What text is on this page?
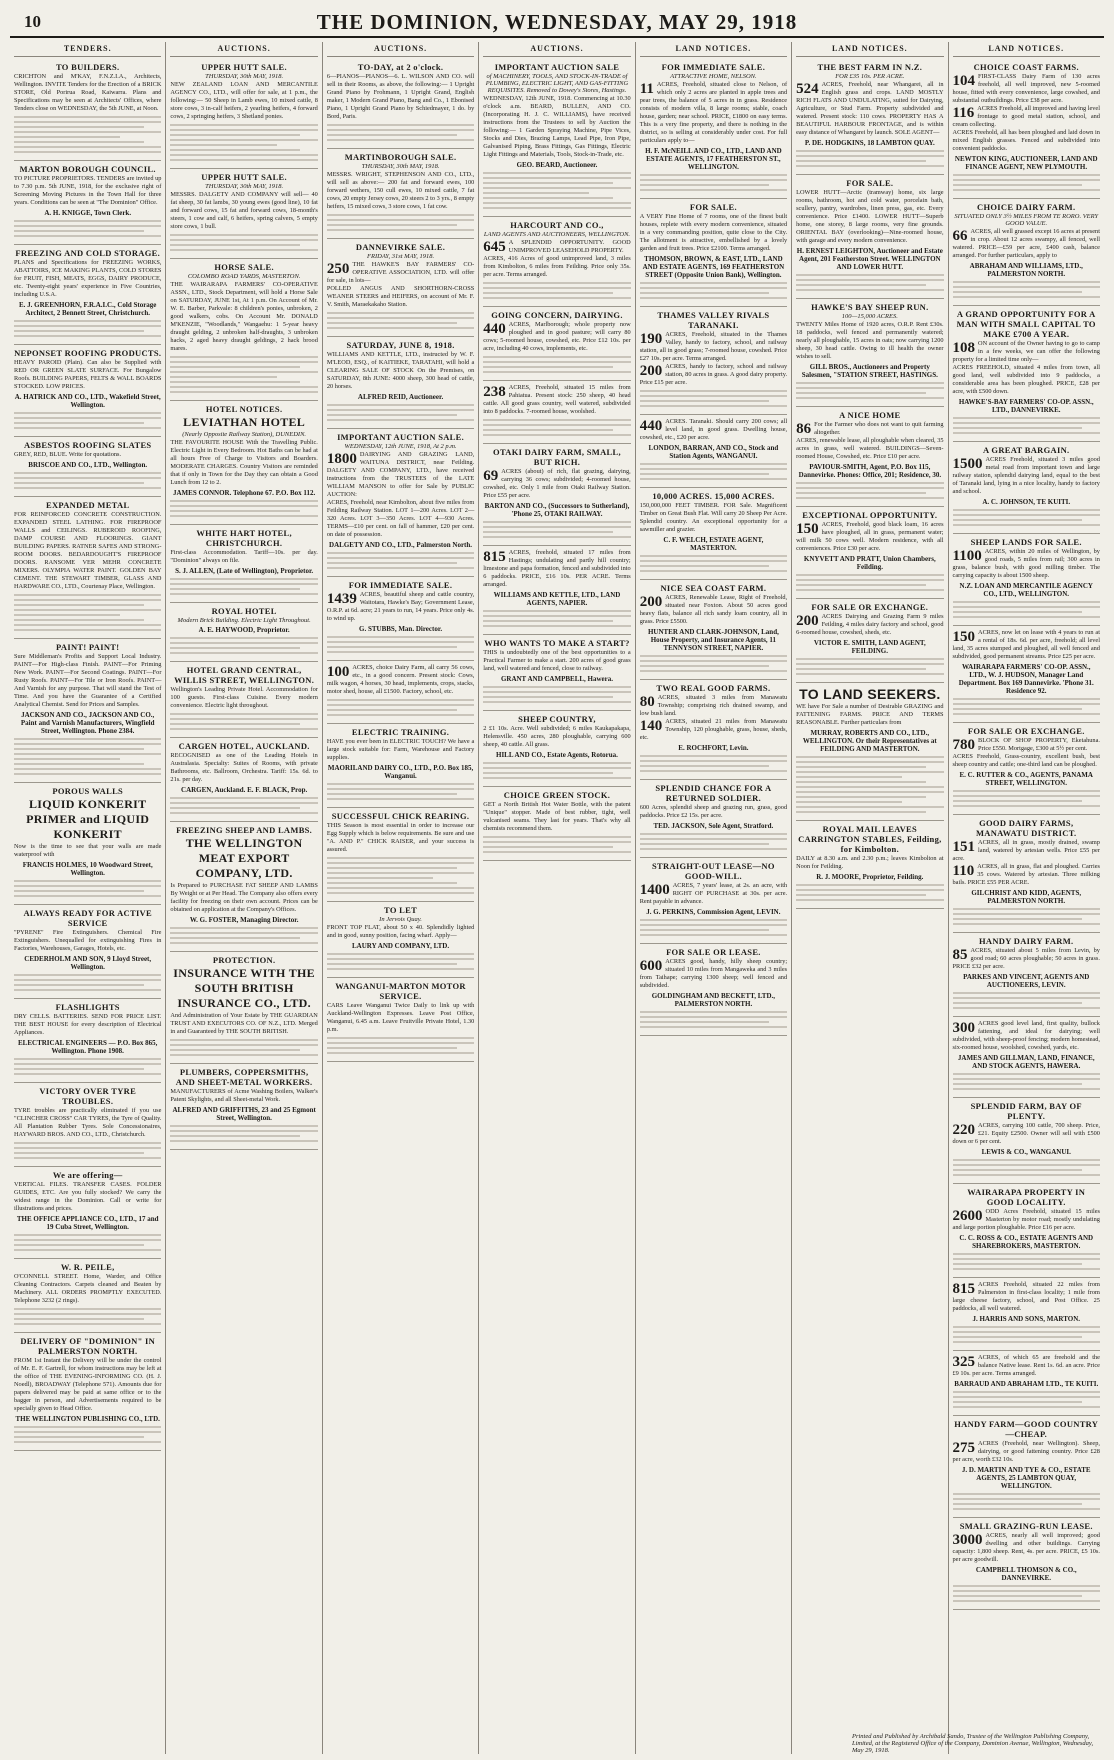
10	THE DOMINION, WEDNESDAY, MAY 29, 1918
TENDERS.
TO BUILDERS.

CRICHTON and M'KAY, F.N.Z.I.A., Architects, Wellington. INVITE Tenders for the Erection of a BRICK STORE, Old Porirua Road, Kaiwarra. Plans and Specifications may be seen at Architects' Offices, where Tenders close on WEDNESDAY, the 5th JUNE, at Noon.

MARTON BOROUGH COUNCIL.

TO PICTURE PROPRIETORS. TENDERS are invited up to 7.30 p.m. 5th JUNE, 1918, for the exclusive right of Screening Moving Pictures in the Town Hall for three years. Conditions can be seen at "The Dominion" Office.

A. H. KNIGGE, Town Clerk.
FREEZING AND COLD STORAGE.

PLANS and Specifications for FREEZING WORKS, ABATTOIRS, ICE MAKING PLANTS, COLD STORES for FRUIT, FISH, MEATS, EGGS, DAIRY PRODUCE, etc. Twenty-eight years' experience in Five Countries, including U.S.A.

E. J. GREENHORN, F.R.A.I.C., Cold Storage Architect, 2 Bennett Street, Christchurch.
NEPONSET ROOFING PRODUCTS.

HEAVY PAROID (Plain). Can also be Supplied with RED OR GREEN SLATE SURFACE. For Bungalow Roofs. BUILDING PAPERS, FELTS & WALL BOARDS STOCKED. LOW PRICES.

A. HATRICK AND CO., LTD., Wakefield Street, Wellington.
ASBESTOS ROOFING SLATES

GREY, RED, BLUE. Write for quotations.

BRISCOE AND CO., LTD., Wellington.
EXPANDED METAL

FOR REINFORCED CONCRETE CONSTRUCTION. EXPANDED STEEL LATHING. FOR FIREPROOF WALLS and CEILINGS. RUBEROID ROOFING, DAMP COURSE AND FLOORINGS. GIANT BUILDING PAPERS. RATNER SAFES AND STRONG-ROOM DOORS. BEDARDOUGHT'S FIREPROOF DOORS. RANSOME VER MEHR CONCRETE MIXERS. OLYMPIA WATER PAINT. GOLDEN BAY CEMENT. THE STEWART TIMBER, GLASS AND HARDWARE CO., LTD., Courtenay Place, Wellington.

PAINT! PAINT!

Sure Middleman's Profits and Support Local Industry. PAINT—For High-class Finish. PAINT—For Priming New Work. PAINT—For Second Coatings. PAINT—For Rusty Roofs. PAINT—For Tile or Iron Roofs. PAINT—And Varnish for any purpose. That will stand the Test of Time. And you have the Guarantee of a Certified Analytical Chemist. Send for Prices and Samples.

JACKSON AND CO., JACKSON AND CO., Paint and Varnish Manufacturers, Wingfield Street, Wellington. Phone 2384.
POROUS WALLS
LIQUID KONKERIT PRIMER and LIQUID KONKERIT

Now is the time to see that your walls are made waterproof with

FRANCIS HOLMES, 10 Woodward Street, Wellington.
ALWAYS READY FOR ACTIVE SERVICE

"PYRENE" Fire Extinguishers. Chemical Fire Extinguishers. Unequalled for extinguishing Fires in Factories, Warehouses, Garages, Hotels, etc.

CEDERHOLM AND SON, 9 Lloyd Street, Wellington.
FLASHLIGHTS

DRY CELLS. BATTERIES. SEND FOR PRICE LIST. THE BEST HOUSE for every description of Electrical Appliances.

ELECTRICAL ENGINEERS — P.O. Box 865, Wellington. Phone 1908.
VICTORY OVER TYRE TROUBLES.

TYRE troubles are practically eliminated if you use "CLINCHER CROSS" CAR TYRES, the Tyre of Quality. All Plantation Rubber Tyres. Sole Concessionaires, HAYWARD BROS. AND CO., LTD., Christchurch.

We are offering—

VERTICAL FILES. TRANSFER CASES. FOLDER GUIDES, ETC. Are you fully stocked? We carry the widest range in the Dominion. Call or write for illustrations and prices.

THE OFFICE APPLIANCE CO., LTD., 17 and 19 Cuba Street, Wellington.
W. R. PEILE,

O'CONNELL STREET. Home, Warder, and Office Cleaning Contractors. Carpets cleaned and Beaten by Machinery. ALL ORDERS PROMPTLY EXECUTED. Telephone 3232 (2 rings).

DELIVERY OF "DOMINION" IN PALMERSTON NORTH.

FROM 1st Instant the Delivery will be under the control of Mr. E. F. Gartrell, for whom instructions may be left at the office of THE EVENING-INFORMING CO. (H. J. Noedl), BROADWAY (Telephone 571). Amounts due for papers delivered may be paid at same office or to the bagger in person, and Advertisements required to be specially given to Head Office.

THE WELLINGTON PUBLISHING CO., LTD.
AUCTIONS.
UPPER HUTT SALE.
THURSDAY, 30th MAY, 1918.

NEW ZEALAND LOAN AND MERCANTILE AGENCY CO., LTD., will offer for sale, at 1 p.m., the following:— 50 Sheep in Lamb ewes, 10 mixed cattle, 8 store cows, 3 in-calf heifers, 2 yearling heifers, 4 forward cows, 2 springing heifers, 3 Shetland ponies.

UPPER HUTT SALE.
THURSDAY, 30th MAY, 1918.

MESSRS. DALGETY AND COMPANY will sell— 40 fat sheep, 30 fat lambs, 30 young ewes (good line), 10 fat and forward cows, 15 fat and forward cows, 18-month's steers, 1 cow and calf, 6 heifers, spring calvers, 5 empty store cows, 1 bull.

HORSE SALE.
COLOMBO ROAD YARDS, MASTERTON.

THE WAIRARAPA FARMERS' CO-OPERATIVE ASSN., LTD., Stock Department, will hold a Horse Sale on SATURDAY, JUNE 1st, At 1 p.m. On Account of Mr. W. E. Barber, Parkvale: 8 children's ponies, unbroken, 2 good walkers, cobs. On Account Mr. DONALD M'KENZIE, "Woodlands," Wangaehu: 1 5-year heavy draught gelding, 2 unbroken half-draughts, 3 unbroken hacks, 2 aged heavy draught geldings, 2 hack brood mares.

HOTEL NOTICES.
LEVIATHAN HOTEL
(Nearly Opposite Railway Station), DUNEDIN.

THE FAVOURITE HOUSE With the Travelling Public. Electric Light in Every Bedroom. Hot Baths can be had at all hours Free of Charge to Visitors and Boarders. MODERATE CHARGES. Country Visitors are reminded that if only in Town for the Day they can obtain a Good Lunch from 12 to 2.

JAMES CONNOR. Telephone 67. P.O. Box 112.
WHITE HART HOTEL, CHRISTCHURCH.

First-class Accommodation. Tariff—10s. per day. "Dominion" always on file.

S. J. ALLEN, (Late of Wellington), Proprietor.
ROYAL HOTEL
Modern Brick Building. Electric Light Throughout.
A. E. HAYWOOD, Proprietor.
HOTEL GRAND CENTRAL, WILLIS STREET, WELLINGTON.

Wellington's Leading Private Hotel. Accommodation for 100 guests. First-class Cuisine. Every modern convenience. Electric light throughout.

CARGEN HOTEL, AUCKLAND.

RECOGNISED as one of the Leading Hotels in Australasia. Specialty: Suites of Rooms, with private Bathrooms, etc. Ballroom, Orchestra. Tariff: 15s. 6d. to 21s. per day.

CARGEN, Auckland. E. F. BLACK, Prop.
FREEZING SHEEP AND LAMBS.
THE WELLINGTON MEAT EXPORT COMPANY, LTD.

Is Prepared to PURCHASE FAT SHEEP AND LAMBS By Weight or at Per Head. The Company also offers every facility for freezing on their own account. Prices can be obtained on application at the Company's Offices.

W. G. FOSTER, Managing Director.
PROTECTION.
INSURANCE WITH THE SOUTH BRITISH INSURANCE CO., LTD.

And Administration of Your Estate by THE GUARDIAN TRUST AND EXECUTORS CO. OF N.Z., LTD. Merged in and Guaranteed by THE SOUTH BRITISH.

PLUMBERS, COPPERSMITHS, AND SHEET-METAL WORKERS.

MANUFACTURERS of Acme Washing Boilers, Walker's Patent Skylights, and all Sheet-metal Work.

ALFRED AND GRIFFITHS, 23 and 25 Egmont Street, Wellington.
AUCTIONS.
TO-DAY, at 2 o'clock.

6—PIANOS—PIANOS—6. L. WILSON AND CO. will sell in their Rooms, as above, the following:— 1 Upright Grand Piano by Frohmann, 1 Upright Grand, English maker, 1 Modern Grand Piano, Bang and Co., 1 Ebonised Piano, 1 Upright Grand Piano by Schiedmayer, 1 do. by Bord, Paris.

MARTINBOROUGH SALE.
THURSDAY, 30th MAY, 1918.

MESSRS. WRIGHT, STEPHENSON AND CO., LTD., will sell as above:— 200 fat and forward ewes, 100 forward wethers, 150 cull ewes, 10 mixed cattle, 7 fat cows, 20 empty Jersey cows, 20 steers 2 to 3 yrs., 8 empty heifers, 15 mixed cows, 3 store cows, 1 fat cow.

DANNEVIRKE SALE.
FRIDAY, 31st MAY, 1918.

250 THE HAWKE'S BAY FARMERS' CO-OPERATIVE ASSOCIATION, LTD. will offer for sale, in lots—

POLLED ANGUS AND SHORTHORN-CROSS WEANER STEERS and HEIFERS, on account of Mr. F. V. Smith, Maraekakaho Station.

SATURDAY, JUNE 8, 1918.

WILLIAMS AND KETTLE, LTD., instructed by W. F. M'LEOD, ESQ., of KAITIEKE, TARATAHI, will hold a CLEARING SALE OF STOCK On the Premises, on SATURDAY, 8th JUNE: 4000 sheep, 300 head of cattle, 20 horses.

ALFRED REID, Auctioneer.
IMPORTANT AUCTION SALE.
WEDNESDAY, 12th JUNE, 1918, At 2 p.m.

1800 DAIRYING AND GRAZING LAND, WAITUNA DISTRICT, near Feilding. DALGETY AND COMPANY, LTD., have received instructions from the TRUSTEES of the LATE WILLIAM MANSON to offer for Sale by PUBLIC AUCTION:

ACRES, Freehold, near Kimbolton, about five miles from Feilding Railway Station. LOT 1—200 Acres. LOT 2—320 Acres. LOT 3—350 Acres. LOT 4—930 Acres. TERMS—£10 per cent. on fall of hammer, £20 per cent. on date of possession.

DALGETY AND CO., LTD., Palmerston North.
FOR IMMEDIATE SALE.

1439 ACRES, beautiful sheep and cattle country, Waitotara, Hawke's Bay; Government Lease, O.R.P. at 6d. acre; 21 years to run, 14 years. Price only 4s. to wind up.

G. STUBBS, Man. Director.

100 ACRES, choice Dairy Farm, all carry 56 cows, etc., in a good concern. Present stock: Cows, milk wagon, 4 horses, 30 head, implements, crops, stacks, motor shed, house, all £1500. Factory, school, etc.

ELECTRIC TRAINING.

HAVE you ever been in ELECTRIC TOUCH? We have a large stock suitable for: Farm, Warehouse and Factory supplies.

MAORILAND DAIRY CO., LTD., P.O. Box 185, Wanganui.
SUCCESSFUL CHICK REARING.

THIS Season is most essential in order to increase our Egg Supply which is below requirements. Be sure and use "A. AND P." CHICK RAISER, and your success is assured.

TO LET
In Jervois Quay.

FRONT TOP FLAT, about 50 x 40. Splendidly lighted and in good, sunny position, facing wharf. Apply—

LAURY AND COMPANY, LTD.
WANGANUI-MARTON MOTOR SERVICE.

CARS Leave Wanganui Twice Daily to link up with Auckland-Wellington Expresses. Leave Post Office, Wanganui, 6.45 a.m. Leave Fruitville Private Hotel, 1.30 p.m.

AUCTIONS.
IMPORTANT AUCTION SALE
of MACHINERY, TOOLS, AND STOCK-IN-TRADE of PLUMBING, ELECTRIC LIGHT, AND GAS-FITTING REQUISITES. Removed to Dowey's Stores, Hastings.

WEDNESDAY, 12th JUNE, 1918. Commencing at 10.30 o'clock a.m. BEARD, BULLEN, AND CO. (Incorporating H. J. C. WILLIAMS), have received instructions from the Trustees to sell by Auction the following:— 1 Garden Spraying Machine, Pipe Vices, Stocks and Dies, Brazing Lamps, Lead Pipe, Iron Pipe, Galvanised Piping, Brass Fittings, Gas Fittings, Electric Light Fittings and Materials, Tools, Stock-in-Trade, etc.

GEO. BEARD, Auctioneer.
HARCOURT AND CO.,
LAND AGENTS AND AUCTIONEERS, WELLINGTON.

645 A SPLENDID OPPORTUNITY. GOOD UNIMPROVED LEASEHOLD PROPERTY.

ACRES, 416 Acres of good unimproved land, 3 miles from Kimbolton, 6 miles from Feilding. Price only 35s. per acre. Terms arranged.

GOING CONCERN, DAIRYING.

440 ACRES, Marlborough; whole property now ploughed and in good pasture; will carry 80 cows; 5-roomed house, cowshed, etc. Price £12 10s. per acre, including 40 cows, implements, etc.

238 ACRES, Freehold, situated 15 miles from Pahiatua. Present stock: 250 sheep, 40 head cattle. All good grass country, well watered, subdivided into 8 paddocks. 7-roomed house, woolshed.

OTAKI DAIRY FARM, SMALL, BUT RICH.

69 ACRES (about) of rich, flat grazing, dairying, carrying 36 cows; subdivided; 4-roomed house, cowshed, etc. Only 1 mile from Otaki Railway Station. Price £55 per acre.

BARTON AND CO., (Successors to Sutherland), 'Phone 25, OTAKI RAILWAY.

815 ACRES, freehold, situated 17 miles from Hastings; undulating and partly hill country; limestone and papa formation, fenced and subdivided into 6 paddocks. PRICE, £16 10s. PER ACRE. Terms arranged.

WILLIAMS AND KETTLE, LTD., LAND AGENTS, NAPIER.
WHO WANTS TO MAKE A START?

THIS is undoubtedly one of the best opportunities to a Practical Farmer to make a start. 200 acres of good grass land, well watered and fenced, close to railway.

GRANT AND CAMPBELL, Hawera.
SHEEP COUNTRY,

2 £1 10s. Acre. Well subdivided; 6 miles Kaukapakapa, Helensville. 450 acres, 280 ploughable, carrying 600 sheep, 40 cattle. All grass.

HILL AND CO., Estate Agents, Rotorua.
CHOICE GREEN STOCK.

GET a North British Hot Water Bottle, with the patent "Unique" stopper. Made of best rubber, tight, well vulcanised seams. They last for years. That's why all chemists recommend them.

LAND NOTICES.
FOR IMMEDIATE SALE.
ATTRACTIVE HOME, NELSON.

11 ACRES, Freehold, situated close to Nelson, of which only 2 acres are planted in apple trees and pear trees, the balance of 5 acres in in grass. Residence consists of modern villa, 8 large rooms; stable, coach house, garden; near school. PRICE, £1800 on easy terms. This is a very fine property, and there is nothing in the district, so is selling at considerably under cost. For full particulars apply to—

H. F. McNEILL AND CO., LTD., LAND AND ESTATE AGENTS, 17 FEATHERSTON ST., WELLINGTON.
FOR SALE.

A VERY Fine Home of 7 rooms, one of the finest built houses, replete with every modern convenience, situated in a very commanding position, quite close to the City. The allotment is attractive, embellished by a lovely garden and fruit trees. Price £2100. Terms arranged.

THOMSON, BROWN, & EAST, LTD., LAND AND ESTATE AGENTS, 169 FEATHERSTON STREET (Opposite Union Bank), Wellington.
THAMES VALLEY RIVALS TARANAKI.

190 ACRES, Freehold, situated in the Thames Valley, handy to factory, school, and railway station, all in good grass; 7-roomed house, cowshed. Price £27 10s. per acre. Terms arranged.

200 ACRES, handy to factory, school and railway station, 80 acres in grass. A good dairy property. Price £15 per acre.

440 ACRES. Taranaki. Should carry 200 cows; all level land, in good grass. Dwelling house, cowshed, etc., £20 per acre.

LONDON, BARRAN, AND CO., Stock and Station Agents, WANGANUI.
10,000 ACRES. 15,000 ACRES.

150,000,000 FEET TIMBER. FOR Sale. Magnificent Timber on Great Bush Flat. Will carry 20 Sheep Per Acre. Splendid country. An exceptional opportunity for a sawmiller and grazier.

C. F. WELCH, ESTATE AGENT, MASTERTON.
NICE SEA COAST FARM.

200 ACRES, Renewable Lease, Right of Freehold, situated near Foxton. About 50 acres good heavy flats, balance all rich sandy loam country, all in grass. Price £5500.

HUNTER AND CLARK-JOHNSON, Land, House Property, and Insurance Agents, 11 TENNYSON STREET, NAPIER.
TWO REAL GOOD FARMS.

80 ACRES, situated 3 miles from Manawatu Township; comprising rich drained swamp, and low bush land.

140 ACRES, situated 21 miles from Manawatu Township, 120 ploughable, grass, house, sheds, etc.

E. ROCHFORT, Levin.
SPLENDID CHANCE FOR A RETURNED SOLDIER.

600 Acres, splendid sheep and grazing run, grass, good paddocks. Price £2 15s. per acre.

TED. JACKSON, Sole Agent, Stratford.
STRAIGHT-OUT LEASE—NO GOOD-WILL.

1400 ACRES, 7 years' lease, at 2s. an acre, with RIGHT OF PURCHASE at 30s. per acre. Rent payable in advance.

J. G. PERKINS, Commission Agent, LEVIN.
FOR SALE OR LEASE.

600 ACRES good, handy, hilly sheep country; situated 10 miles from Mangaweka and 3 miles from Taihape; carrying 1300 sheep; well fenced and subdivided.

GOLDINGHAM AND BECKETT, LTD., PALMERSTON NORTH.
LAND NOTICES.
THE BEST FARM IN N.Z.
FOR £35 10s. PER ACRE.

524 ACRES, Freehold, near Whangarei, all in English grass and crops. LAND MOSTLY RICH FLATS AND UNDULATING, suited for Dairying, Agriculture, or Stud Farm. Property subdivided and watered. Present stock: 110 cows. PROPERTY HAS A BEAUTIFUL HARBOUR FRONTAGE, and is within easy distance of Whangarei by launch. SOLE AGENT—

P. DE. HODGKINS, 18 LAMBTON QUAY.
FOR SALE.

LOWER HUTT—Arctic (tramway) home, six large rooms, bathroom, hot and cold water, porcelain bath, scullery, pantry, wardrobes, linen press, gas, etc. Every convenience. Price £1400. LOWER HUTT—Superb home, one storey, 8 large rooms, very fine grounds. ORIENTAL BAY (overlooking)—Nine-roomed house, with garage and every modern convenience.

H. ERNEST LEIGHTON, Auctioneer and Estate Agent, 201 Featherston Street. WELLINGTON AND LOWER HUTT.
HAWKE'S BAY SHEEP RUN.
100—15,000 ACRES.

TWENTY Miles Home of 1920 acres, O.R.P. Rent £30s. 18 paddocks, well fenced and permanently watered; nearly all ploughable, 15 acres in oats; now carrying 1200 sheep, 30 head cattle. Owing to ill health the owner wishes to sell.

GILL BROS., Auctioneers and Property Salesmen, "STATION STREET, HASTINGS.
A NICE HOME

86 For the Farmer who does not want to quit farming altogether.

ACRES, renewable lease, all ploughable when cleared, 35 acres in grass, well watered. BUILDINGS—Seven-roomed House, Cowshed, etc. Price £10 per acre.

PAVIOUR-SMITH, Agent, P.O. Box 115, Dannevirke. Phones: Office, 201; Residence, 30.
EXCEPTIONAL OPPORTUNITY.

150 ACRES, Freehold, good black loam, 16 acres have ploughed, all in grass, permanent water; will milk 50 cows well. Modern residence, with all conveniences. Price £30 per acre.

KNYVETT AND PRATT, Union Chambers, Feilding.
FOR SALE OR EXCHANGE.

200 ACRES Dairying and Grazing Farm 9 miles Feilding, 4 miles dairy factory and school, good 6-roomed house, cowshed, sheds, etc.

VICTOR E. SMITH, LAND AGENT, FEILDING.
TO LAND SEEKERS.

WE have For Sale a number of Desirable GRAZING and FATTENING FARMS. PRICE AND TERMS REASONABLE. Further particulars from

MURRAY, ROBERTS AND CO., LTD., WELLINGTON. Or their Representatives at FEILDING AND MASTERTON.
ROYAL MAIL LEAVES CARRINGTON STABLES, Feilding, for Kimbolton.

DAILY at 8.30 a.m. and 2.30 p.m.; leaves Kimbolton at Noon for Feilding.

R. J. MOORE, Proprietor, Feilding.
LAND NOTICES.
CHOICE COAST FARMS.

104 FIRST-CLASS Dairy Farm of 130 acres freehold, all well improved, new 5-roomed house, fitted with every convenience, large cowshed, and substantial outbuildings. Price £38 per acre.

116 ACRES Freehold, all improved and having level frontage to good metal station, school, and cream collecting.

ACRES Freehold, all has been ploughed and laid down in mixed English grasses. Fenced and subdivided into convenient paddocks.

NEWTON KING, AUCTIONEER, LAND AND FINANCE AGENT, NEW PLYMOUTH.
CHOICE DAIRY FARM.
SITUATED ONLY 3½ MILES FROM TE RORO. VERY GOOD VALUE.

66 ACRES, all well grassed except 16 acres at present in crop. About 12 acres swampy, all fenced, well watered. PRICE—£59 per acre, £400 cash, balance arranged. For further particulars, apply to

ABRAHAM AND WILLIAMS, LTD., PALMERSTON NORTH.
A GRAND OPPORTUNITY FOR A MAN WITH SMALL CAPITAL TO MAKE £700 A YEAR.

108 ON account of the Owner having to go to camp in a few weeks, we can offer the following property for a limited time only—

ACRES FREEHOLD, situated 4 miles from town, all good land, well subdivided into 9 paddocks, a considerable area has been ploughed. PRICE, £28 per acre, with £500 down.

HAWKE'S-BAY FARMERS' CO-OP. ASSN., LTD., DANNEVIRKE.
A GREAT BARGAIN.

1500 ACRES Freehold, situated 3 miles good metal road from important town and large railway station, splendid dairying land, equal to the best of Taranaki land, lying in a nice locality, handy to factory and school.

A. C. JOHNSON, TE KUITI.
SHEEP LANDS FOR SALE.

1100 ACRES, within 20 miles of Wellington, by good roads, 5 miles from rail; 300 acres in grass, balance bush, with good milling timber. The carrying capacity is about 1500 sheep.

N.Z. LOAN AND MERCANTILE AGENCY CO., LTD., WELLINGTON.

150 ACRES, now let on lease with 4 years to run at a rental of 18s. 6d. per acre, freehold; all level land, 35 acres stumped and ploughed, all well fenced and subdivided, good permanent streams. Price £25 per acre.

WAIRARAPA FARMERS' CO-OP. ASSN., LTD., W. J. HUDSON, Manager Land Department. Box 169 Dannevirke. 'Phone 31. Residence 92.
FOR SALE OR EXCHANGE.

780 BLOCK OF SHOP PROPERTY, Eketahuna. Price £550. Mortgage, £300 at 5½ per cent.

ACRES Freehold, Grass-country, excellent bush, best sheep country and cattle; one-third land can be ploughed.

E. C. RUTTER & CO., AGENTS, PANAMA STREET, WELLINGTON.
GOOD DAIRY FARMS, MANAWATU DISTRICT.

151 ACRES, all in grass, mostly drained, swamp land, watered by artesian wells. Price £55 per acre.

110 ACRES, all in grass, flat and ploughed. Carries 35 cows. Watered by artesian. Three milking bails. PRICE £55 PER ACRE.

GILCHRIST AND KIDD, AGENTS, PALMERSTON NORTH.
HANDY DAIRY FARM.

85 ACRES, situated about 5 miles from Levin, by good road; 60 acres ploughable; 50 acres in grass. PRICE £32 per acre.

PARKES AND VINCENT, AGENTS AND AUCTIONEERS, LEVIN.

300 ACRES good level land, first quality, bullock fattening, and ideal for dairying; well subdivided, with sheep-proof fencing; modern homestead, six-roomed house, woolshed, cowshed, yards, etc.

JAMES AND GILLMAN, LAND, FINANCE, AND STOCK AGENTS, HAWERA.
SPLENDID FARM, BAY OF PLENTY.

220 ACRES, carrying 100 cattle, 700 sheep. Price, £21. Equity £2500. Owner will sell with £500 down or 6 per cent.

LEWIS & CO., WANGANUI.
WAIRARAPA PROPERTY IN GOOD LOCALITY.

2600 ODD Acres Freehold, situated 15 miles Masterton by motor road; mostly undulating and large portion ploughable. Price £16 per acre.

C. C. ROSS & CO., ESTATE AGENTS AND SHAREBROKERS, MASTERTON.

815 ACRES Freehold, situated 22 miles from Palmerston in first-class locality; 1 mile from large cheese factory, school, and Post Office. 25 paddocks, all well watered.

J. HARRIS AND SONS, MARTON.

325 ACRES, of which 65 are freehold and the balance Native lease. Rent 1s. 6d. an acre. Price £9 10s. per acre. Terms arranged.

BARRAUD AND ABRAHAM LTD., TE KUITI.
HANDY FARM—GOOD COUNTRY—CHEAP.

275 ACRES (Freehold, near Wellington). Sheep, dairying, or good fattening country. Price £28 per acre, worth £32 10s.

J. D. MARTIN AND TYE & CO., ESTATE AGENTS, 25 LAMBTON QUAY, WELLINGTON.
SMALL GRAZING-RUN LEASE.

3000 ACRES, nearly all well improved; good dwelling and other buildings. Carrying capacity: 1,800 sheep. Rent, 4s. per acre. PRICE, £5 10s. per acre goodwill.

CAMPBELL THOMSON & CO., DANNEVIRKE.
Printed and Published by Archibald Sando, Trustee of the Wellington Publishing Company, Limited, at the Registered Office of the Company, Dominion Avenue, Wellington, Wednesday, May 29, 1918.
